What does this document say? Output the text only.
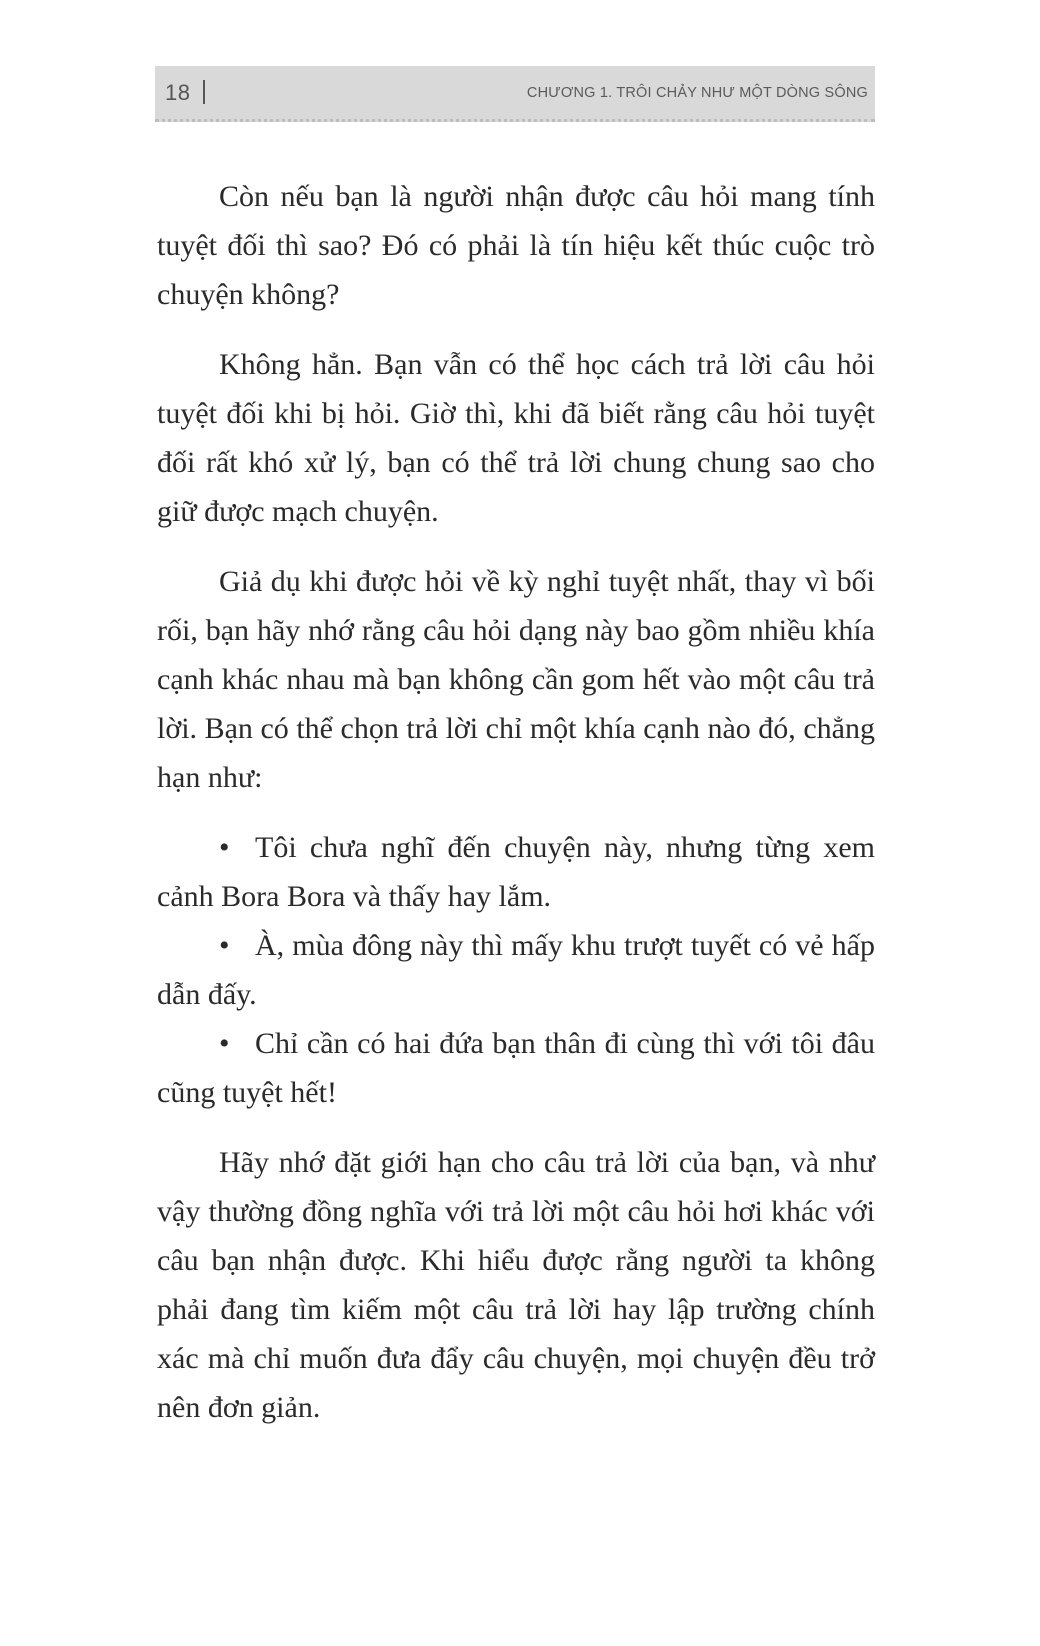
18	CHƯƠNG 1. TRÔI CHẢY NHƯ MỘT DÒNG SÔNG

Còn nếu bạn là người nhận được câu hỏi mang tính tuyệt đối thì sao? Đó có phải là tín hiệu kết thúc cuộc trò chuyện không?

Không hẳn. Bạn vẫn có thể học cách trả lời câu hỏi tuyệt đối khi bị hỏi. Giờ thì, khi đã biết rằng câu hỏi tuyệt đối rất khó xử lý, bạn có thể trả lời chung chung sao cho giữ được mạch chuyện.

Giả dụ khi được hỏi về kỳ nghỉ tuyệt nhất, thay vì bối rối, bạn hãy nhớ rằng câu hỏi dạng này bao gồm nhiều khía cạnh khác nhau mà bạn không cần gom hết vào một câu trả lời. Bạn có thể chọn trả lời chỉ một khía cạnh nào đó, chẳng hạn như:

• Tôi chưa nghĩ đến chuyện này, nhưng từng xem cảnh Bora Bora và thấy hay lắm.
• À, mùa đông này thì mấy khu trượt tuyết có vẻ hấp dẫn đấy.
• Chỉ cần có hai đứa bạn thân đi cùng thì với tôi đâu cũng tuyệt hết!

Hãy nhớ đặt giới hạn cho câu trả lời của bạn, và như vậy thường đồng nghĩa với trả lời một câu hỏi hơi khác với câu bạn nhận được. Khi hiểu được rằng người ta không phải đang tìm kiếm một câu trả lời hay lập trường chính xác mà chỉ muốn đưa đẩy câu chuyện, mọi chuyện đều trở nên đơn giản.
